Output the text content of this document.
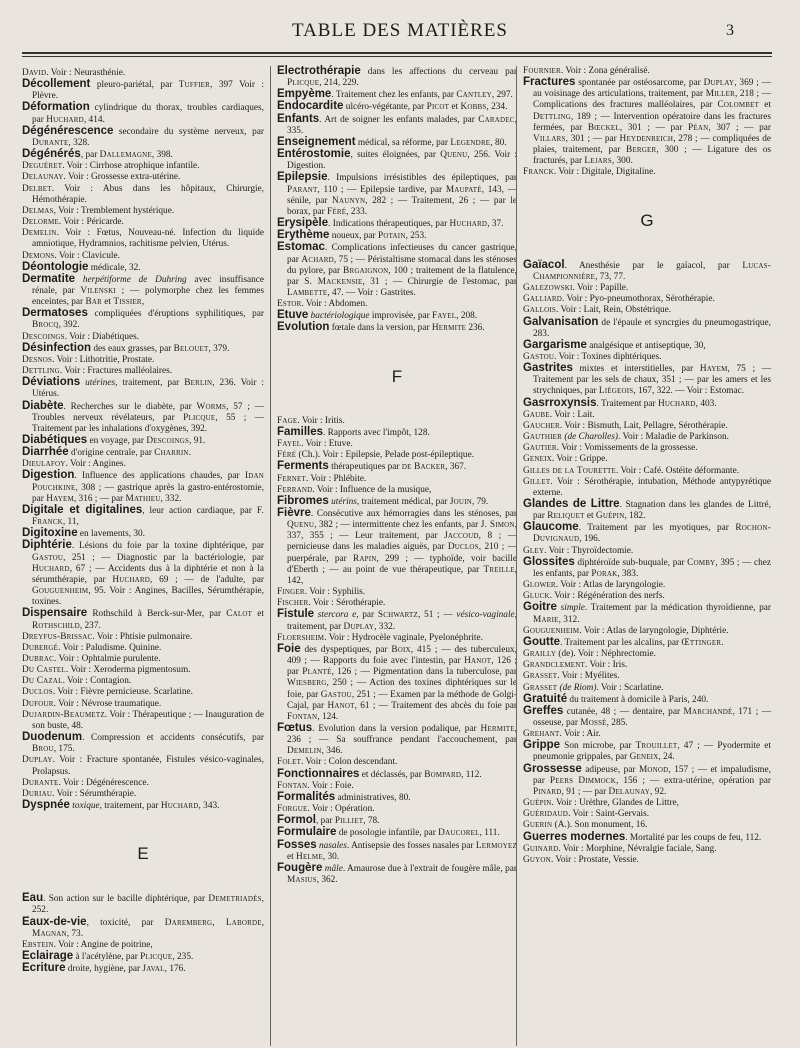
TABLE DES MATIÈRES	3
David. Voir : Neurasthénie.
Décollement pleuro-pariétal, par Tuffier, 397 Voir : Plèvre.
Déformation cylindrique du thorax, troubles cardiaques, par Huchard, 414.
Dégénérescence secondaire du système nerveux, par Durante, 328.
Dégénérés, par Dallemagne, 398.
Deguéret. Voir : Cirrhose atrophique infantile.
Delaunay. Voir : Grossesse extra-utérine.
Delbet. Voir : Abus dans les hôpitaux, Chirurgie, Hémothérapie.
Delmas, Voir : Tremblement hystérique.
Delorme. Voir : Péricarde.
Demelin. Voir : Fœtus, Nouveau-né. Infection du liquide amniotique, Hydramnios, rachitisme pelvien, Utérus.
Demons. Voir : Clavicule.
Déontologie médicale, 32.
Dermatite herpétiforme de Duhring avec insuffisance rénale, par Vilenski ; — polymorphe chez les femmes enceintes, par Bar et Tissier,
Dermatoses compliquées d'éruptions syphilitiques, par Brocq, 392.
Descoings. Voir : Diabétiques.
Désinfection des eaux grasses, par Belouet, 379.
Desnos. Voir : Lithotritie, Prostate.
Dettling. Voir : Fractures malléolaires.
Déviations utérines, traitement, par Berlin, 236. Voir : Utérus.
Diabète. Recherches sur le diabète, par Worms, 57 ; — Troubles nerveux révélateurs, par Plicque, 55 ; — Traitement par les inhalations d'oxygènes, 392.
Diabétiques en voyage, par Descoings, 91.
Diarrhée d'origine centrale, par Charrin.
Dieulafoy. Voir : Angines.
Digestion. Influence des applications chaudes, par Idan Pouchkine, 308 ; — gastrique après la gastro-entérostomie, par Hayem, 316 ; — par Mathieu, 332.
Digitale et digitalines, leur action cardiaque, par F. Franck, 11,
Digitoxine en lavements, 30.
Diphtérie. Lésions du foie par la toxine diphtérique, par Gastou, 251 ; — Diagnostic par la bactériologie, par Huchard, 67 ; — Accidents dus à la diphtérie et non à la sérumthérapie, par Huchard, 69 ; — de l'adulte, par Gouguenheim, 95. Voir : Angines, Bacilles, Sérumthérapie, toxines.
Dispensaire Rothschild à Berck-sur-Mer, par Calot et Rothschild, 237.
Dreyfus-Brissac. Voir : Phtisie pulmonaire.
Dubergé. Voir : Paludisme. Quinine.
Dubrac. Voir : Ophtalmie purulente.
Du Castel. Voir : Xeroderma pigmentosum.
Du Cazal. Voir : Contagion.
Duclos. Voir : Fièvre pernicieuse. Scarlatine.
Dufour. Voir : Névrose traumatique.
Dujardin-Beaumetz. Voir : Thérapeutique ; — Inauguration de son buste, 48.
Duodenum. Compression et accidents consécutifs, par Brou, 175.
Duplay. Voir : Fracture spontanée, Fistules vésico-vaginales, Prolapsus.
Durante. Voir : Dégénérescence.
Duriau. Voir : Sérumthérapie.
Dyspnée toxique, traitement, par Huchard, 343.
E
Eau. Son action sur le bacille diphtérique, par Demetriadès, 252.
Eaux-de-vie, toxicité, par Daremberg, Laborde, Magnan, 73.
Ebstein. Voir : Angine de poitrine,
Eclairage à l'acétylène, par Plicque, 235.
Ecriture droite, hygiène, par Javal, 176.
Electrothérapie dans les affections du cerveau par Plicque, 214, 229.
Empyème. Traitement chez les enfants, par Cantley, 297.
Endocardite ulcéro-végétante, par Picot et Kobbs, 234.
Enfants. Art de soigner les enfants malades, par Caradec, 335.
Enseignement médical, sa réforme, par Legendre, 80.
Entérostomie, suites éloignées, par Quenu, 256. Voir : Digestion.
Epilepsie. Impulsions irrésistibles des épileptiques, par Parant, 110 ; — Epilepsie tardive, par Maupaté, 143, — sénile, par Naunyn, 282 ; — Traitement, 26 ; — par le borax, par Féré, 233.
Erysipèle. Indications thérapeutiques, par Huchard, 37.
Erythème noueux, par Potain, 253.
Estomac. Complications infectieuses du cancer gastrique, par Achard, 75 ; — Péristaltisme stomacal dans les sténoses du pylore, par Brgaignon, 100 ; traitement de la flatulence, par S. Mackensie, 31 ; — Chirurgie de l'estomac, par Lambette, 47. — Voir : Gastrites.
Estor. Voir : Abdomen.
Etuve bactériologique improvisée, par Fayel, 208.
Evolution fœtale dans la version, par Hermite 236.
F
Fage. Voir : Iritis.
Familles. Rapports avec l'impôt, 128.
Fayel. Voir : Etuve.
Féré (Ch.). Voir : Epilepsie, Pelade post-épileptique.
Ferments thérapeutiques par de Backer, 367.
Fernet. Voir : Phlébite.
Ferrand. Voir : Influence de la musique,
Fibromes utérins, traitement médical, par Jouin, 79.
Fièvre. Consécutive aux hémorragies dans les sténoses, par Quenu, 382 ; — intermittente chez les enfants, par J. Simon, 337, 355 ; — Leur traitement, par Jaccoud, 8 ; — pernicieuse dans les maladies aiguës, par Duclos, 210 ; — puerpérale, par Rapin, 299 ; — typhoïde, voir bacille d'Eberth ; — au point de vue thérapeutique, par Treille, 142,
Finger. Voir : Syphilis.
Fischer. Voir : Sérothérapie.
Fistule stercora e, par Schwartz, 51 ; — vésico-vaginale, traitement, par Duplay, 332.
Floersheim. Voir : Hydrocèle vaginale, Pyelonéphrite.
Foie des dyspeptiques, par Boix, 415 ; — des tuberculeux, 409 ; — Rapports du foie avec l'intestin, par Hanot, 126 ; par Planté, 126 ; — Pigmentation dans la tuberculose, par Wiesberg, 250 ; — Action des toxines diphtériques sur le foie, par Gastou, 251 ; — Examen par la méthode de Golgi-Cajal, par Hanot, 61 ; — Traitement des abcès du foie par Fontan, 124.
Fœtus. Evolution dans la version podalique, par Hermite, 236 ; — Sa souffrance pendant l'accouchement, par Demelin, 346.
Folet. Voir : Colon descendant.
Fonctionnaires et déclassés, par Bompard, 112.
Fontan. Voir : Foie.
Formalités administratives, 80.
Forgue. Voir : Opération.
Formol, par Pilliet, 78.
Formulaire de posologie infantile, par Daucorel, 111.
Fosses nasales. Antisepsie des fosses nasales par Lermoyez et Helme, 30.
Fougère mâle. Amaurose due à l'extrait de fougère mâle, par Masius, 362.
Fournier. Voir : Zona généralisé.
Fractures spontanée par ostéosarcome, par Duplay, 369 ; — au voisinage des articulations, traitement, par Miller, 218 ; — Complications des fractures malléolaires, par Colombet et Dettling, 189 ; — Intervention opératoire dans les fractures fermées, par Bœckel, 301 ; — par Péan, 307 ; — par Villars, 301 ; — par Heydenreich, 278 ; — compliquées de plaies, traitement, par Berger, 300 ; — Ligature des os fracturés, par Lejars, 300.
Franck. Voir : Digitale, Digitaline.
G
Gaïacol. Anesthésie par le gaïacol, par Lucas-Championnière, 73, 77.
Galezowski. Voir : Papille.
Galliard. Voir : Pyo-pneumothorax, Sérothérapie.
Gallois. Voir : Lait, Rein, Obstétrique.
Galvanisation de l'épaule et syncrgies du pneumogastrique, 283.
Gargarisme analgésique et antiseptique, 30,
Gastou. Voir : Toxines diphtériques.
Gastrites mixtes et interstitielles, par Hayem, 75 ; — Traitement par les sels de chaux, 351 ; — par les amers et les strychniques, par Liégeois, 167, 322. — Voir : Estomac.
Gasrroxynsis. Traitement par Huchard, 403.
Gaube. Voir : Lait.
Gaucher. Voir : Bismuth, Lait, Pellagre, Sérothérapie.
Gauthier (de Charolles). Voir : Maladie de Parkinson.
Gautier. Voir : Vomissements de la grossesse.
Geneix. Voir : Grippe.
Gilles de la Tourette. Voir : Café. Ostéite déformante.
Gillet. Voir : Sérothérapie, intubation, Méthode antypyrétique externe.
Glandes de Littre. Stagnation dans les glandes de Littré, par Reliquet et Guépin, 182.
Glaucome. Traitement par les myotiques, par Rochon-Duvignaud, 196.
Gley. Voir : Thyroïdectomie.
Glossites diphtéroïde sub-buquale, par Comby, 395 ; — chez les enfants, par Porak, 383.
Glower. Voir : Atlas de laryngologie.
Gluck. Voir : Régénération des nerfs.
Goitre simple. Traitement par la médication thyroïdienne, par Marie, 312.
Gouguenheim. Voir : Atlas de laryngologie, Diphtérie.
Goutte. Traitement par les alcalins, par Œttinger.
Grailly (de). Voir : Néphrectomie.
Grandclement. Voir : Iris.
Grasset. Voir : Myélites.
Grasset (de Riom). Voir : Scarlatine.
Gratuité du traitement à domicile à Paris, 240.
Greffes cutanée, 48 ; — dentaire, par Marchandé, 171 ; — osseuse, par Mossé, 285.
Grehant. Voir : Air.
Grippe Son microbe, par Trouillet, 47 ; — Pyodermite et pneumonie grippales, par Geneix, 24.
Grossesse adipeuse, par Monod, 157 ; — et impaludisme, par Peers Dimmock, 156 ; — extra-utérine, opération par Pinard, 91 ; — par Delaunay, 92.
Guépin. Voir : Urèthre, Glandes de Littre,
Guéridaud. Voir : Saint-Gervais.
Guerin (A.). Son monument, 16.
Guerres modernes. Mortalité par les coups de feu, 112.
Guinard. Voir : Morphine, Névralgie faciale, Sang.
Guyon. Voir : Prostate, Vessie.
